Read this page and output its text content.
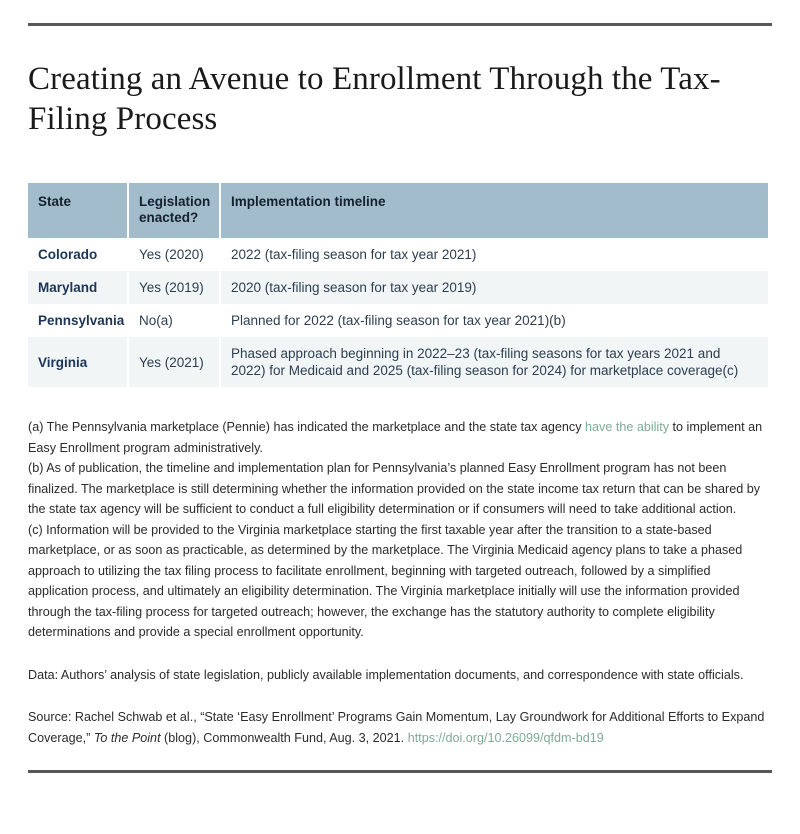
Creating an Avenue to Enrollment Through the Tax-Filing Process
State	Legislation enacted?	Implementation timeline
Colorado	Yes (2020)	2022 (tax-filing season for tax year 2021)
Maryland	Yes (2019)	2020 (tax-filing season for tax year 2019)
Pennsylvania	No(a)	Planned for 2022 (tax-filing season for tax year 2021)(b)
Virginia	Yes (2021)	Phased approach beginning in 2022–23 (tax-filing seasons for tax years 2021 and 2022) for Medicaid and 2025 (tax-filing season for 2024) for marketplace coverage(c)

(a) The Pennsylvania marketplace (Pennie) has indicated the marketplace and the state tax agency have the ability to implement an Easy Enrollment program administratively.

(b) As of publication, the timeline and implementation plan for Pennsylvania’s planned Easy Enrollment program has not been finalized. The marketplace is still determining whether the information provided on the state income tax return that can be shared by the state tax agency will be sufficient to conduct a full eligibility determination or if consumers will need to take additional action.

(c) Information will be provided to the Virginia marketplace starting the first taxable year after the transition to a state-based marketplace, or as soon as practicable, as determined by the marketplace. The Virginia Medicaid agency plans to take a phased approach to utilizing the tax filing process to facilitate enrollment, beginning with targeted outreach, followed by a simplified application process, and ultimately an eligibility determination. The Virginia marketplace initially will use the information provided through the tax-filing process for targeted outreach; however, the exchange has the statutory authority to complete eligibility determinations and provide a special enrollment opportunity.

Data: Authors’ analysis of state legislation, publicly available implementation documents, and correspondence with state officials.

Source: Rachel Schwab et al., “State ‘Easy Enrollment’ Programs Gain Momentum, Lay Groundwork for Additional Efforts to Expand Coverage,” To the Point (blog), Commonwealth Fund, Aug. 3, 2021. https://doi.org/10.26099/qfdm-bd19
